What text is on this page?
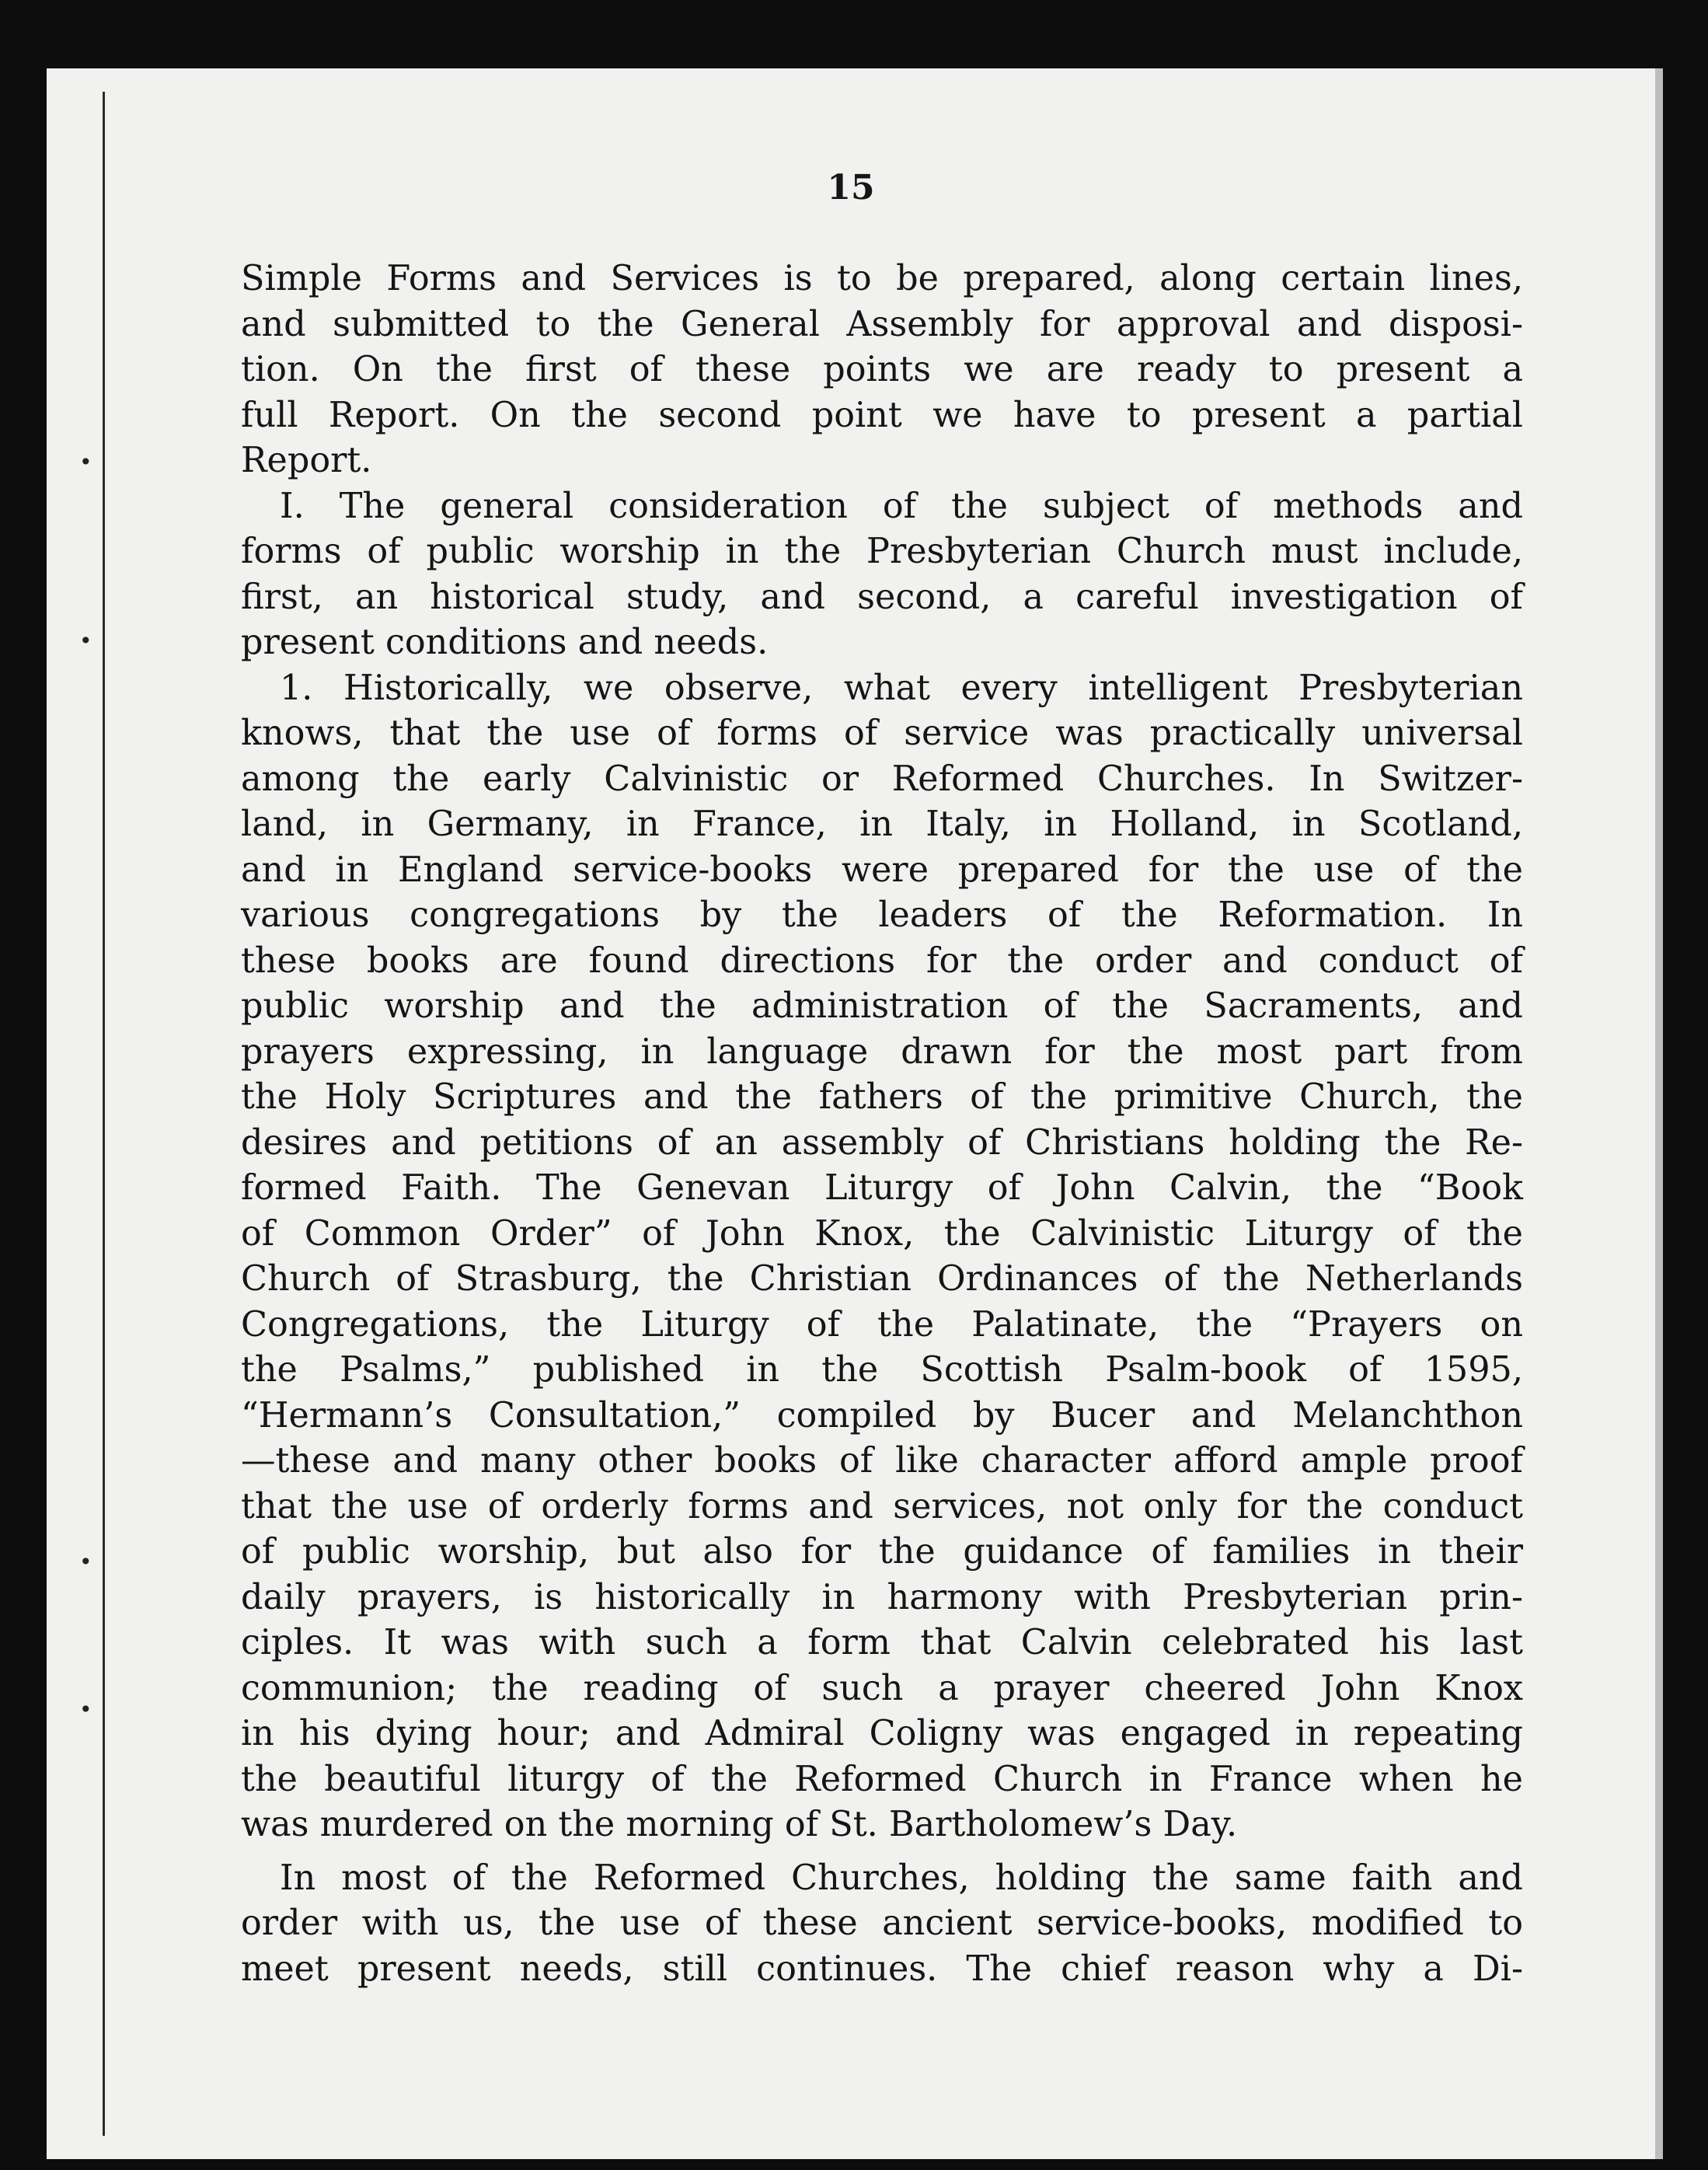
•
•
•
•
15
Simple Forms and Services is to be prepared, along certain lines,
and submitted to the General Assembly for approval and disposi-
tion. On the first of these points we are ready to present a
full Report. On the second point we have to present a partial
Report.
I. The general consideration of the subject of methods and
forms of public worship in the Presbyterian Church must include,
first, an historical study, and second, a careful investigation of
present conditions and needs.
1. Historically, we observe, what every intelligent Presbyterian
knows, that the use of forms of service was practically universal
among the early Calvinistic or Reformed Churches. In Switzer-
land, in Germany, in France, in Italy, in Holland, in Scotland,
and in England service-books were prepared for the use of the
various congregations by the leaders of the Reformation. In
these books are found directions for the order and conduct of
public worship and the administration of the Sacraments, and
prayers expressing, in language drawn for the most part from
the Holy Scriptures and the fathers of the primitive Church, the
desires and petitions of an assembly of Christians holding the Re-
formed Faith. The Genevan Liturgy of John Calvin, the “Book
of Common Order” of John Knox, the Calvinistic Liturgy of the
Church of Strasburg, the Christian Ordinances of the Netherlands
Congregations, the Liturgy of the Palatinate, the “Prayers on
the Psalms,” published in the Scottish Psalm-book of 1595,
“Hermann’s Consultation,” compiled by Bucer and Melanchthon
—these and many other books of like character afford ample proof
that the use of orderly forms and services, not only for the conduct
of public worship, but also for the guidance of families in their
daily prayers, is historically in harmony with Presbyterian prin-
ciples. It was with such a form that Calvin celebrated his last
communion; the reading of such a prayer cheered John Knox
in his dying hour; and Admiral Coligny was engaged in repeating
the beautiful liturgy of the Reformed Church in France when he
was murdered on the morning of St. Bartholomew’s Day.
In most of the Reformed Churches, holding the same faith and
order with us, the use of these ancient service-books, modified to
meet present needs, still continues. The chief reason why a Di-
